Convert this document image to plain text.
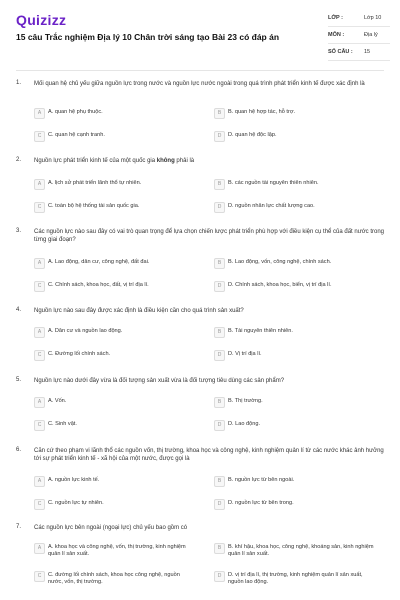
Quizizz
15 câu Trắc nghiệm Địa lý 10 Chân trời sáng tạo Bài 23 có đáp án
LỚP :	Lớp 10
MÔN :	Địa lý
SỐ CÂU : 15
1. Mối quan hệ chủ yếu giữa nguồn lực trong nước và nguồn lực nước ngoài trong quá trình phát triển kinh tế được xác định là
A	A. quan hệ phụ thuộc.	B	B. quan hệ hợp tác, hỗ trợ.
C	C. quan hệ cạnh tranh.	D	D. quan hệ độc lập.
2. Nguồn lực phát triển kinh tế của một quốc gia không phải là
A	A. lịch sử phát triển lãnh thổ tự nhiên.	B	B. các nguồn tài nguyên thiên nhiên.
C	C. toàn bộ hệ thống tài sản quốc gia.	D	D. nguồn nhân lực chất lượng cao.
3. Các nguồn lực nào sau đây có vai trò quan trọng để lựa chọn chiến lược phát triển phù hợp với điều kiện cụ thể của đất nước trong từng giai đoạn?
A	A. Lao động, dân cư, công nghệ, đất đai.	B	B. Lao động, vốn, công nghệ, chính sách.
C	C. Chính sách, khoa học, đất, vị trí địa lí.	D	D. Chính sách, khoa học, biển, vị trí địa lí.
4. Nguồn lực nào sau đây được xác định là điều kiện cần cho quá trình sản xuất?
A	A. Dân cư và nguồn lao động.	B	B. Tài nguyên thiên nhiên.
C	C. Đường lối chính sách.	D	D. Vị trí địa lí.
5. Nguồn lực nào dưới đây vừa là đối tượng sản xuất vừa là đối tượng tiêu dùng các sản phẩm?
A	A. Vốn.	B	B. Thị trường.
C	C. Sinh vật.	D	D. Lao động.
6. Căn cứ theo phạm vi lãnh thổ các nguồn vốn, thị trường, khoa học và công nghệ, kinh nghiệm quản lí từ các nước khác ảnh hưởng tới sự phát triển kinh tế - xã hội của một nước, được gọi là
A	A. nguồn lực kinh tế.	B	B. nguồn lực từ bên ngoài.
C	C. nguồn lực tự nhiên.	D	D. nguồn lực từ bên trong.
7. Các nguồn lực bên ngoài (ngoại lực) chủ yếu bao gồm có
A	A. khoa học và công nghệ, vốn, thị trường, kinh nghiệm quản lí sản xuất.
B	B. khí hậu, khoa học, công nghệ, khoáng sản, kinh nghiệm quản lí sản xuất.
C	C. đường lối chính sách, khoa học công nghệ, nguồn nước, vốn, thị trường.
D	D. vị trí địa lí, thị trường, kinh nghiệm quản lí sản xuất, nguồn lao động.
